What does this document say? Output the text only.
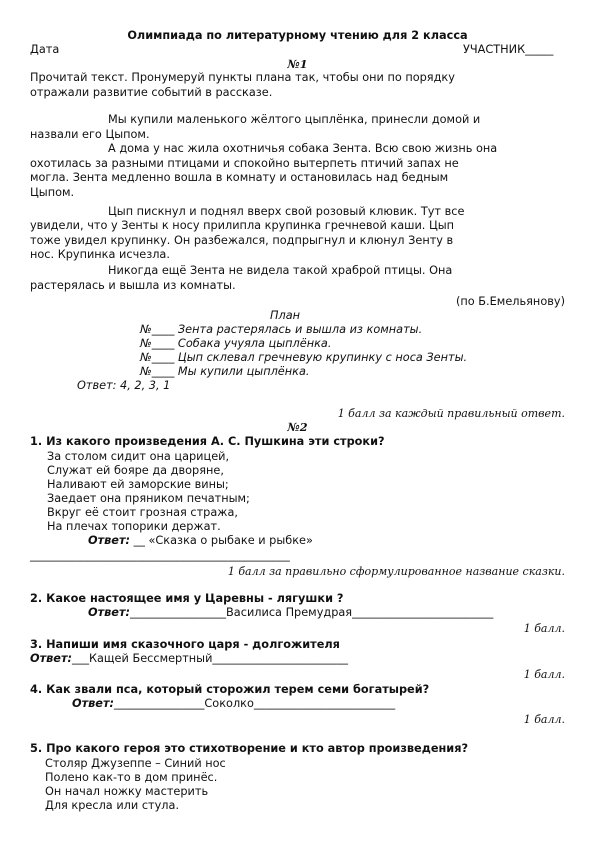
Олимпиада по литературному чтению для 2 класса
Дата	УЧАСТНИК_____
№1
Прочитай текст. Пронумеруй пункты плана так, чтобы они по порядку
отражали развитие событий в рассказе.
Мы купили маленького жёлтого цыплёнка, принесли домой и
назвали его Цыпом.
А дома у нас жила охотничья собака Зента. Всю свою жизнь она
охотилась за разными птицами и спокойно вытерпеть птичий запах не
могла. Зента медленно вошла в комнату и остановилась над бедным
Цыпом.
Цып пискнул и поднял вверх свой розовый клювик. Тут все
увидели, что у Зенты к носу прилипла крупинка гречневой каши. Цып
тоже увидел крупинку. Он разбежался, подпрыгнул и клюнул Зенту в
нос. Крупинка исчезла.
Никогда ещё Зента не видела такой храброй птицы. Она
растерялась и вышла из комнаты.
(по Б.Емельянову)
План
№____ Зента растерялась и вышла из комнаты.
№____ Собака учуяла цыплёнка.
№____ Цып склевал гречневую крупинку с носа Зенты.
№____ Мы купили цыплёнка.
Ответ: 4, 2, 3, 1
1 балл за каждый правильный ответ.
№2
1. Из какого произведения А. С. Пушкина эти строки?
За столом сидит она царицей,
Служат ей бояре да дворяне,
Наливают ей заморские вины;
Заедает она пряником печатным;
Вкруг её стоит грозная стража,
На плечах топорики держат.
Ответ: __ «Сказка о рыбаке и рыбке»
______________________________________________
1 балл за правильно сформулированное название сказки.
2. Какое настоящее имя у Царевны - лягушки ?
Ответ:_________________Василиса Премудрая_________________________
1 балл.
3. Напиши имя сказочного царя - долгожителя
Ответ:___Кащей Бессмертный________________________
1 балл.
4. Как звали пса, который сторожил терем семи богатырей?
Ответ:________________Соколко_________________________
1 балл.
5. Про какого героя это стихотворение и кто автор произведения?
Столяр Джузеппе – Синий нос
Полено как-то в дом принёс.
Он начал ножку мастерить
Для кресла или стула.
